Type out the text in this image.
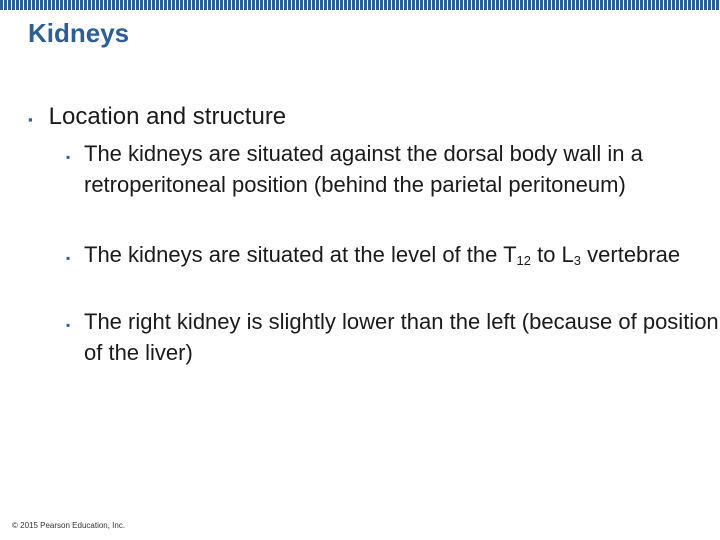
Kidneys
▪ Location and structure
▪ The kidneys are situated against the dorsal body wall in a retroperitoneal position (behind the parietal peritoneum)
▪ The kidneys are situated at the level of the $T_{12}$ to $L_3$ vertebrae
▪ The right kidney is slightly lower than the left (because of position of the liver)
© 2015 Pearson Education, Inc.
